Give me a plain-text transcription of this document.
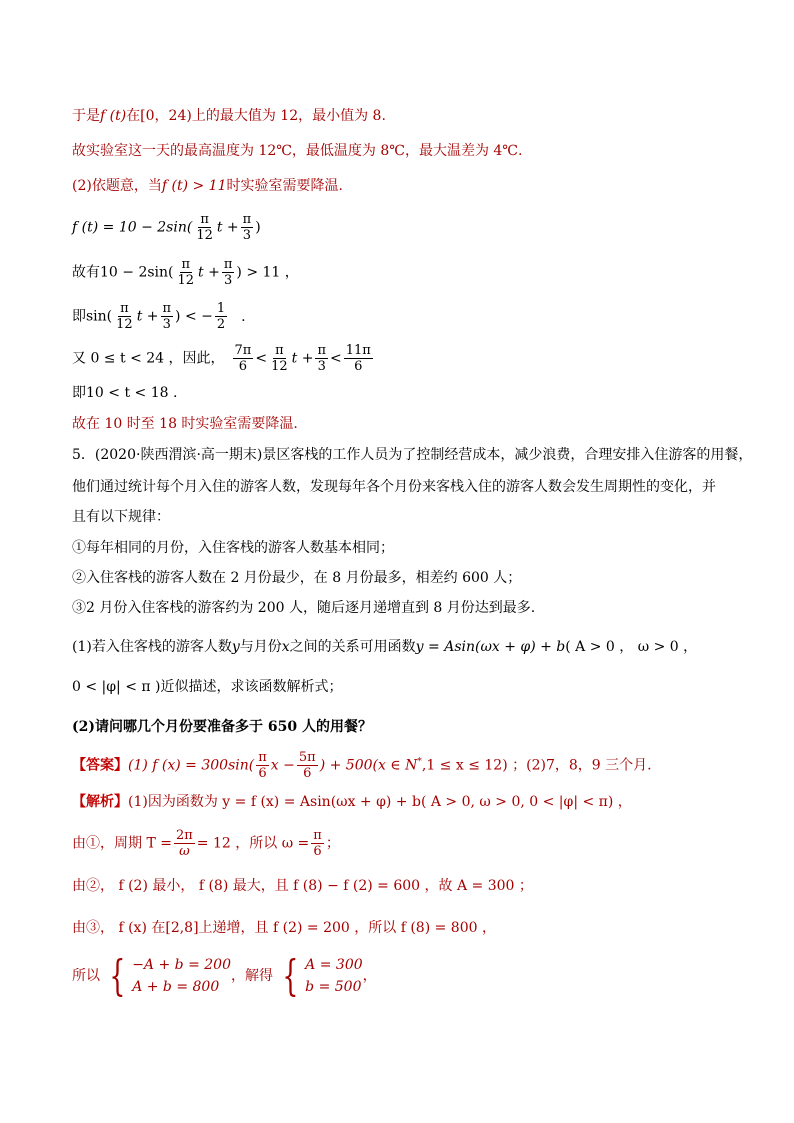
于是f (t)在[0，24)上的最大值为 12，最小值为 8.
故实验室这一天的最高温度为 12℃，最低温度为 8℃，最大温差为 4℃.
(2)依题意，当f (t) > 11时实验室需要降温.
f $(t) = 10 - 2\sin( \frac{\pi}{12}$ $t + \frac{\pi}{3}$ )
故有$10 - 2\sin( \frac{\pi}{12}$ $t + \frac{\pi}{3}$ ) > 11 ，
即$\sin( \frac{\pi}{12}$ $t + \frac{\pi}{3}$ ) < − $\frac{1}{2}$ .
又 0 ≤ t < 24 ，因此， $\frac{7\pi}{6} < \frac{\pi}{12}$ $t + \frac{\pi}{3} < \frac{11\pi}{6}$
即10 < t < 18 .
故在 10 时至 18 时实验室需要降温.
5．(2020·陕西渭滨·高一期末)景区客栈的工作人员为了控制经营成本，减少浪费，合理安排入住游客的用餐，
他们通过统计每个月入住的游客人数，发现每年各个月份来客栈入住的游客人数会发生周期性的变化，并
且有以下规律：
①每年相同的月份，入住客栈的游客人数基本相同；
②入住客栈的游客人数在 2 月份最少，在 8 月份最多，相差约 600 人；
③2 月份入住客栈的游客约为 200 人，随后逐月递增直到 8 月份达到最多.
(1)若入住客栈的游客人数y与月份x之间的关系可用函数y = Asin(ωx + φ) + b( A > 0 ， ω > 0 ，
0 < |φ| < π )近似描述，求该函数解析式；
(2)请问哪几个月份要准备多于 650 人的用餐？
【答案】(1) f $(x) = 300\sin( \frac{\pi}{6}$ $x - \frac{5\pi}{6}$ ) + 500(x ∈ N*,1 ≤ x ≤ 12) ；(2)7，8，9 三个月.
【解析】(1)因为函数为 y = f (x) = Asin(ωx + φ) + b( A > 0, ω > 0, 0 < |φ| < π) ，
由①，周期 $T = \frac{2\pi}{\omega} = 12$ ，所以 $\omega = \frac{\pi}{6}$ ；
由②， f (2) 最小， f (8) 最大，且 f (8) − f (2) = 600 ，故 A = 300 ；
由③， f (x) 在[2,8]上递增，且 f (2) = 200 ，所以 f (8) = 800 ，
所以 { −A + b = 200
A + b = 800
，解得 { A = 300
b = 500
，
